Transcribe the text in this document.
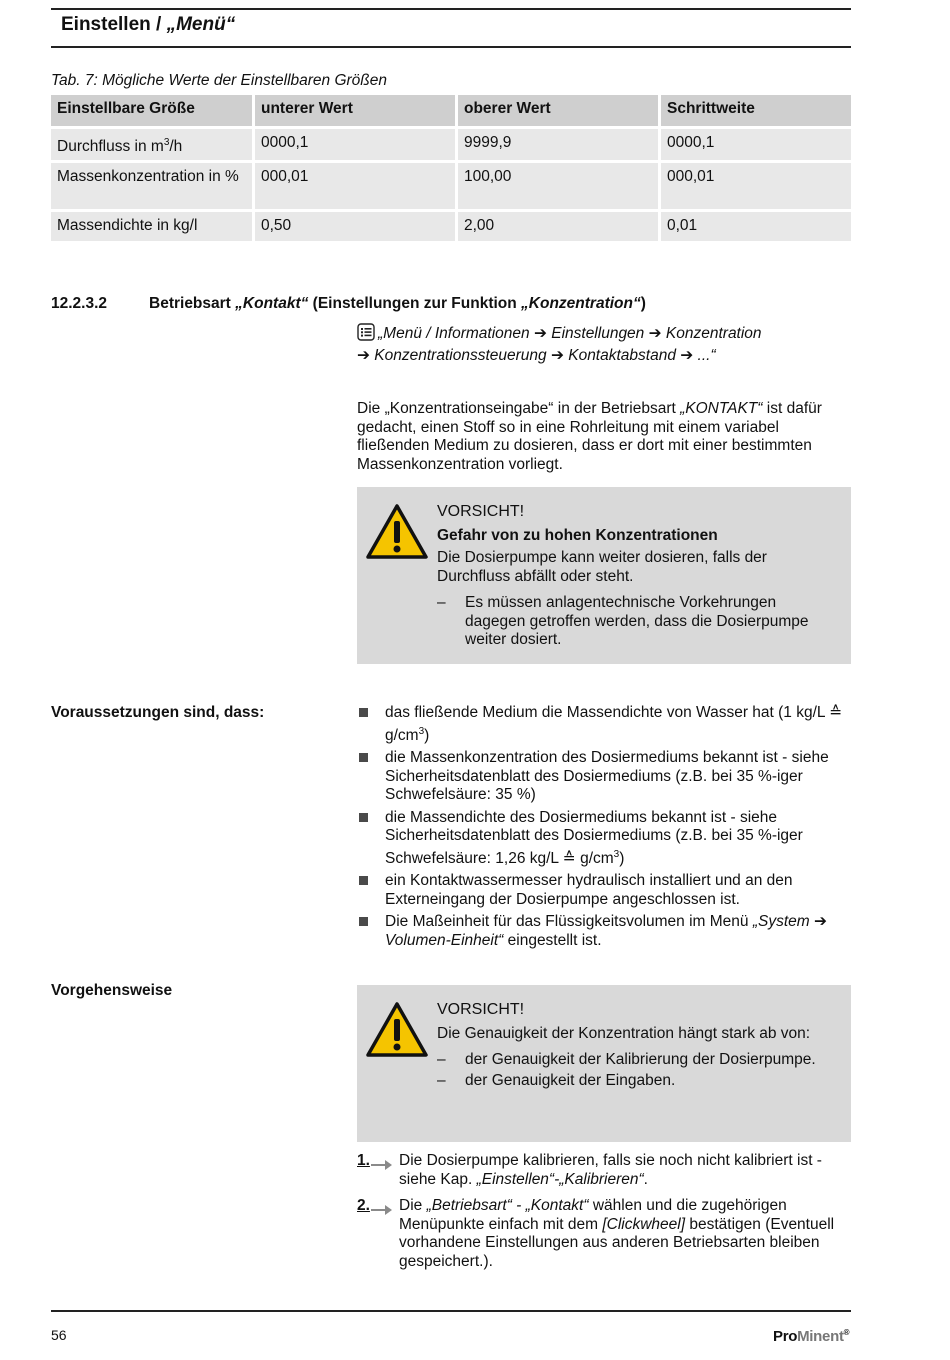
Einstellen / „Menü“
Tab. 7: Mögliche Werte der Einstellbaren Größen
Einstellbare Größe	unterer Wert	oberer Wert	Schrittweite
Durchfluss in $m^3/h$	0000,1	9999,9	0000,1
Massenkonzentration in %	000,01	100,00	000,01
Massendichte in kg/l	0,50	2,00	0,01
12.2.3.2	Betriebsart „Kontakt“ (Einstellungen zur Funktion „Konzentration“)
„Menü / Informationen ➔ Einstellungen ➔ Konzentration
➔ Konzentrationssteuerung ➔ Kontaktabstand ➔ ...“
Die „Konzentrationseingabe“ in der Betriebsart „KONTAKT“ ist dafür gedacht, einen Stoff so in eine Rohrleitung mit einem variabel fließenden Medium zu dosieren, dass er dort mit einer bestimmten Massenkonzentration vorliegt.
VORSICHT!
Gefahr von zu hohen Konzentrationen
Die Dosierpumpe kann weiter dosieren, falls der Durchfluss abfällt oder steht.
– Es müssen anlagentechnische Vorkehrungen dagegen getroffen werden, dass die Dosierpumpe weiter dosiert.
Voraussetzungen sind, dass:	das fließende Medium die Massendichte von Wasser hat (1 kg/L ≙ $g/cm^3$)
die Massenkonzentration des Dosiermediums bekannt ist - siehe Sicherheitsdatenblatt des Dosiermediums (z.B. bei 35 %-iger Schwefelsäure: 35 %)
die Massendichte des Dosiermediums bekannt ist - siehe Sicherheitsdatenblatt des Dosiermediums (z.B. bei 35 %-iger Schwefelsäure: 1,26 kg/L ≙ $g/cm^3$)
ein Kontaktwassermesser hydraulisch installiert und an den Externeingang der Dosierpumpe angeschlossen ist.
Die Maßeinheit für das Flüssigkeitsvolumen im Menü „System ➔ Volumen-Einheit“ eingestellt ist.
Vorgehensweise
VORSICHT!
Die Genauigkeit der Konzentration hängt stark ab von:
– der Genauigkeit der Kalibrierung der Dosierpumpe.
– der Genauigkeit der Eingaben.
1. Die Dosierpumpe kalibrieren, falls sie noch nicht kalibriert ist - siehe Kap. „Einstellen“-„Kalibrieren“.
2. Die „Betriebsart“ - „Kontakt“ wählen und die zugehörigen Menüpunkte einfach mit dem [Clickwheel] bestätigen (Eventuell vorhandene Einstellungen aus anderen Betriebsarten bleiben gespeichert.).
56	ProMinent®
